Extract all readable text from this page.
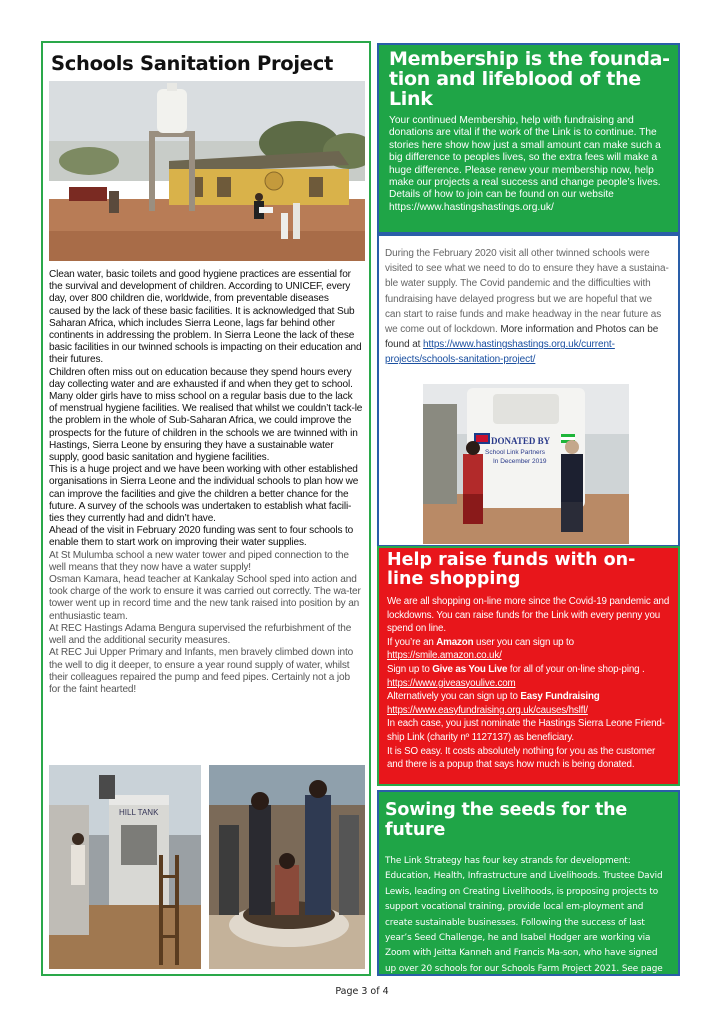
Schools Sanitation Project

Clean water, basic toilets and good hygiene practices are essential for the survival and development of children. According to UNICEF, every day, over 800 children die, worldwide, from preventable diseases caused by the lack of these basic facilities. It is acknowledged that Sub Saharan Africa, which includes Sierra Leone, lags far behind other continents in addressing the problem. In Sierra Leone the lack of these basic facilities in our twinned schools is impacting on their education and their futures.

Children often miss out on education because they spend hours every day collecting water and are exhausted if and when they get to school. Many older girls have to miss school on a regular basis due to the lack of menstrual hygiene facilities. We realised that whilst we couldn’t tack-le the problem in the whole of Sub-Saharan Africa, we could improve the prospects for the future of children in the schools we are twinned with in Hastings, Sierra Leone by ensuring they have a sustainable water supply, good basic sanitation and hygiene facilities.

This is a huge project and we have been working with other established organisations in Sierra Leone and the individual schools to plan how we can improve the facilities and give the children a better chance for the future. A survey of the schools was undertaken to establish what facili-ties they currently had and didn’t have.

Ahead of the visit in February 2020 funding was sent to four schools to enable them to start work on improving their water supplies.

At St Mulumba school a new water tower and piped connection to the well means that they now have a water supply!

Osman Kamara, head teacher at Kankalay School sped into action and took charge of the work to ensure it was carried out correctly. The wa-ter tower went up in record time and the new tank raised into position by an enthusiastic team.

At REC Hastings Adama Bengura supervised the refurbishment of the well and the additional security measures.

At REC Jui Upper Primary and Infants, men bravely climbed down into the well to dig it deeper, to ensure a year round supply of water, whilst their colleagues repaired the pump and feed pipes. Certainly not a job for the faint hearted!

HILL TANK
Membership is the founda-tion and lifeblood of the Link

Your continued Membership, help with fundraising and donations are vital if the work of the Link is to continue. The stories here show how just a small amount can make such a big difference to peoples lives, so the extra fees will make a huge difference. Please renew your membership now, help make our projects a real success and change people’s lives. Details of how to join can be found on our website https://www.hastingshastings.org.uk/

During the February 2020 visit all other twinned schools were visited to see what we need to do to ensure they have a sustaina-ble water supply. The Covid pandemic and the difficulties with fundraising have delayed progress but we are hopeful that we can start to raise funds and make headway in the near future as we come out of lockdown. More information and Photos can be found at https://www.hastingshastings.org.uk/current-projects/schools-sanitation-project/

DONATED BY
School Link Partners
In December 2019
Help raise funds with on-line shopping

We are all shopping on-line more since the Covid-19 pandemic and lockdowns. You can raise funds for the Link with every penny you spend on line.

If you’re an Amazon user you can sign up to https://smile.amazon.co.uk/

Sign up to Give as You Live for all of your on-line shop-ping . https://www.giveasyoulive.com

Alternatively you can sign up to Easy Fundraising https://www.easyfundraising.org.uk/causes/hslfl/

In each case, you just nominate the Hastings Sierra Leone Friend-ship Link (charity nº 1127137) as beneficiary.

It is SO easy. It costs absolutely nothing for you as the customer and there is a popup that says how much is being donated.

Sowing the seeds for the future

The Link Strategy has four key strands for development: Education, Health, Infrastructure and Livelihoods. Trustee David Lewis, leading on Creating Livelihoods, is proposing projects to support vocational training, provide local em-ployment and create sustainable businesses. Following the success of last year’s Seed Challenge, he and Isabel Hodger are working via Zoom with Jeitta Kanneh and Francis Ma-son, who have signed up over 20 schools for our Schools Farm Project 2021. See page 4 for more…

Page 3 of 4
